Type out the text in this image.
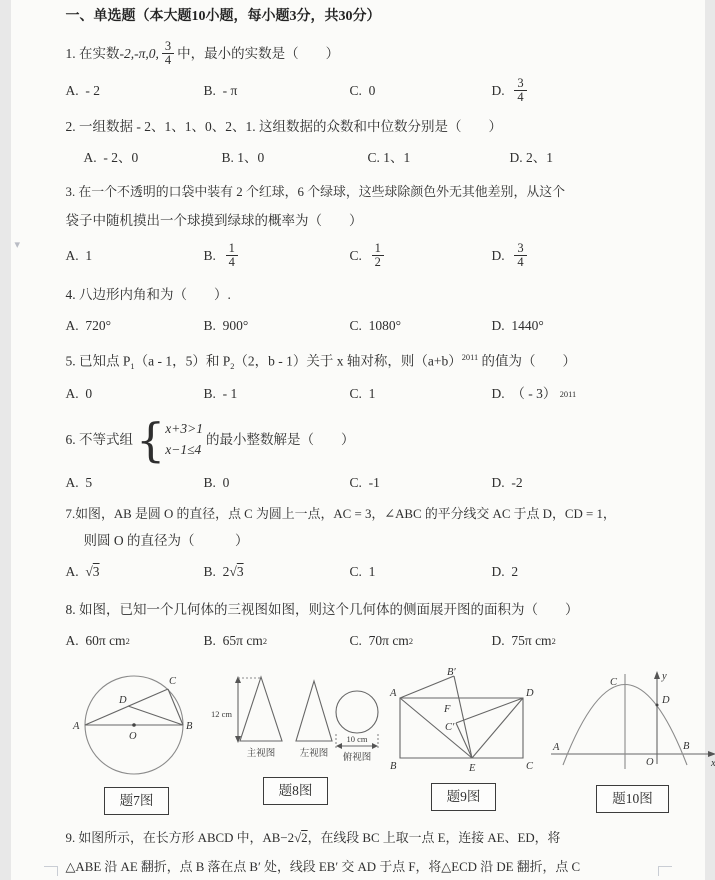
▾
一、单选题（本大题10小题，每小题3分，共30分）
1. 在实数 -2,-π,0, $\frac{3}{4}$ 中，最小的实数是（　　）
A.  - 2	B.  - π	C.  0	D. $\frac{3}{4}$
2. 一组数据 - 2、1、1、0、2、1. 这组数据的众数和中位数分别是（　　）
A.  - 2、0	B. 1、0	C. 1、1	D. 2、1
3. 在一个不透明的口袋中装有 2 个红球，6 个绿球，这些球除颜色外无其他差别，从这个
袋子中随机摸出一个球摸到绿球的概率为（　　）
A.  1	B. $\frac{1}{4}$	C. $\frac{1}{2}$	D. $\frac{3}{4}$
4. 八边形内角和为（　　）.
A.  720°	B.  900°	C.  1080°	D.  1440°
5. 已知点 $P_1(a - 1$，5）和 $P_2(2$，b - 1）关于 x 轴对称，则$(a+b)^{2011}$ 的值为（　　）
A.  0	B.  - 1	C.  1	D.  （ - 3） 2011
6. 不等式组 { x+3>1
x−1≤4
的最小整数解是（　　）
A.  5	B.  0	C.  -1	D.  -2
7.如图，AB 是圆 O 的直径，点 C 为圆上一点，AC = 3，∠ABC 的平分线交 AC 于点 D，CD = 1，
则圆 O 的直径为（　　　）
A. √3	B. 2 √3	C.  1	D.  2
8. 如图，已知一个几何体的三视图如图，则这个几何体的侧面展开图的面积为（　　）
A.  60π cm 2	B.  65π cm 2	C.  70π cm 2	D.  75π cm 2
A	B
C
D
O
题7图
12 cm
主视图	左视图
10 cm
俯视图
题8图
A	D
B	C
E
B′
F
C′
题9图
y
x
C
D
A	B
O
题10图
9. 如图所示，在长方形 ABCD 中，AB−2√2，在线段 BC 上取一点 E，连接 AE、ED，将
△ABE 沿 AE 翻折，点 B 落在点 B′ 处，线段 EB′ 交 AD 于点 F，将△ECD 沿 DE 翻折，点 C
